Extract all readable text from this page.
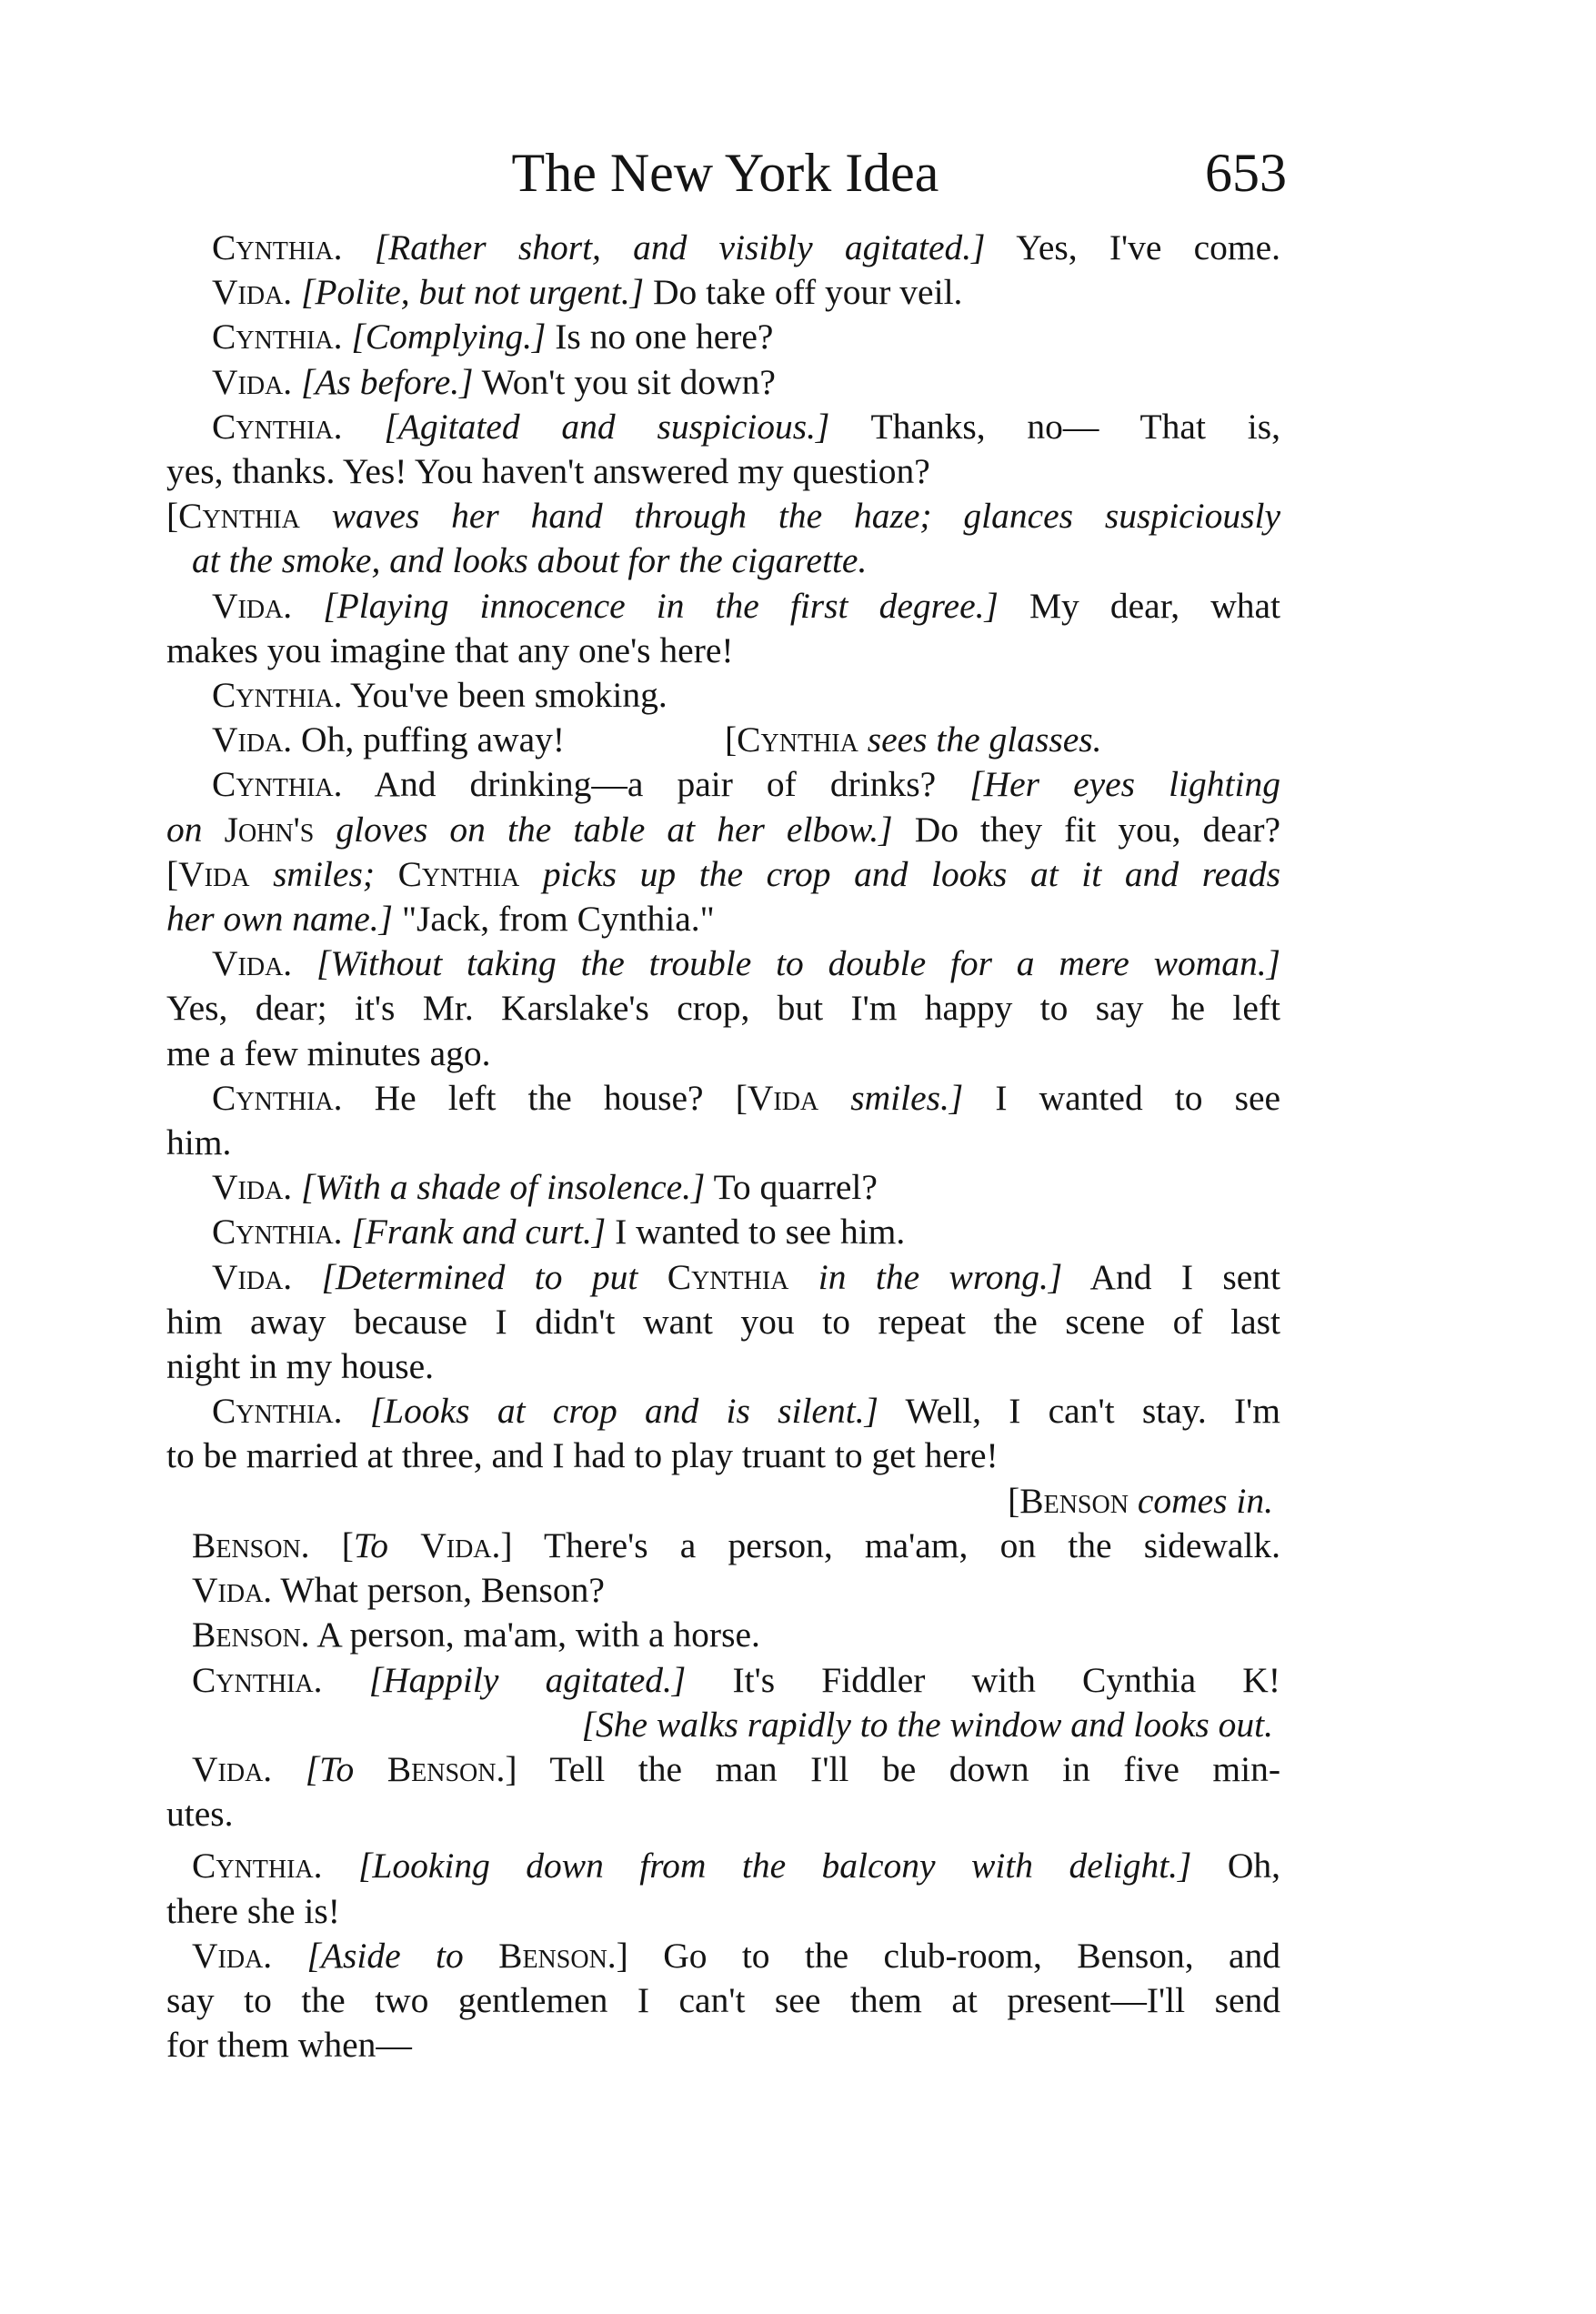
The New York Idea	653
Cynthia. [Rather short, and visibly agitated.] Yes, I've come.
Vida. [Polite, but not urgent.] Do take off your veil.
Cynthia. [Complying.] Is no one here?
Vida. [As before.] Won't you sit down?
Cynthia. [Agitated and suspicious.] Thanks, no— That is,
yes, thanks. Yes! You haven't answered my question?
[Cynthia waves her hand through the haze; glances suspiciously
at the smoke, and looks about for the cigarette.
Vida. [Playing innocence in the first degree.] My dear, what
makes you imagine that any one's here!
Cynthia. You've been smoking.
Vida. Oh, puffing away!	[Cynthia sees the glasses.
Cynthia. And drinking—a pair of drinks? [Her eyes lighting
on John's gloves on the table at her elbow.] Do they fit you, dear?
[Vida smiles; Cynthia picks up the crop and looks at it and reads
her own name.] "Jack, from Cynthia."
Vida. [Without taking the trouble to double for a mere woman.]
Yes, dear; it's Mr. Karslake's crop, but I'm happy to say he left
me a few minutes ago.
Cynthia. He left the house? [Vida smiles.] I wanted to see
him.
Vida. [With a shade of insolence.] To quarrel?
Cynthia. [Frank and curt.] I wanted to see him.
Vida. [Determined to put Cynthia in the wrong.] And I sent
him away because I didn't want you to repeat the scene of last
night in my house.
Cynthia. [Looks at crop and is silent.] Well, I can't stay. I'm
to be married at three, and I had to play truant to get here!
[Benson comes in.
Benson. [To Vida.] There's a person, ma'am, on the sidewalk.
Vida. What person, Benson?
Benson. A person, ma'am, with a horse.
Cynthia. [Happily agitated.] It's Fiddler with Cynthia K!
[She walks rapidly to the window and looks out.
Vida. [To Benson.] Tell the man I'll be down in five min-
utes.
Cynthia. [Looking down from the balcony with delight.] Oh,
there she is!
Vida. [Aside to Benson.] Go to the club-room, Benson, and
say to the two gentlemen I can't see them at present—I'll send
for them when—
